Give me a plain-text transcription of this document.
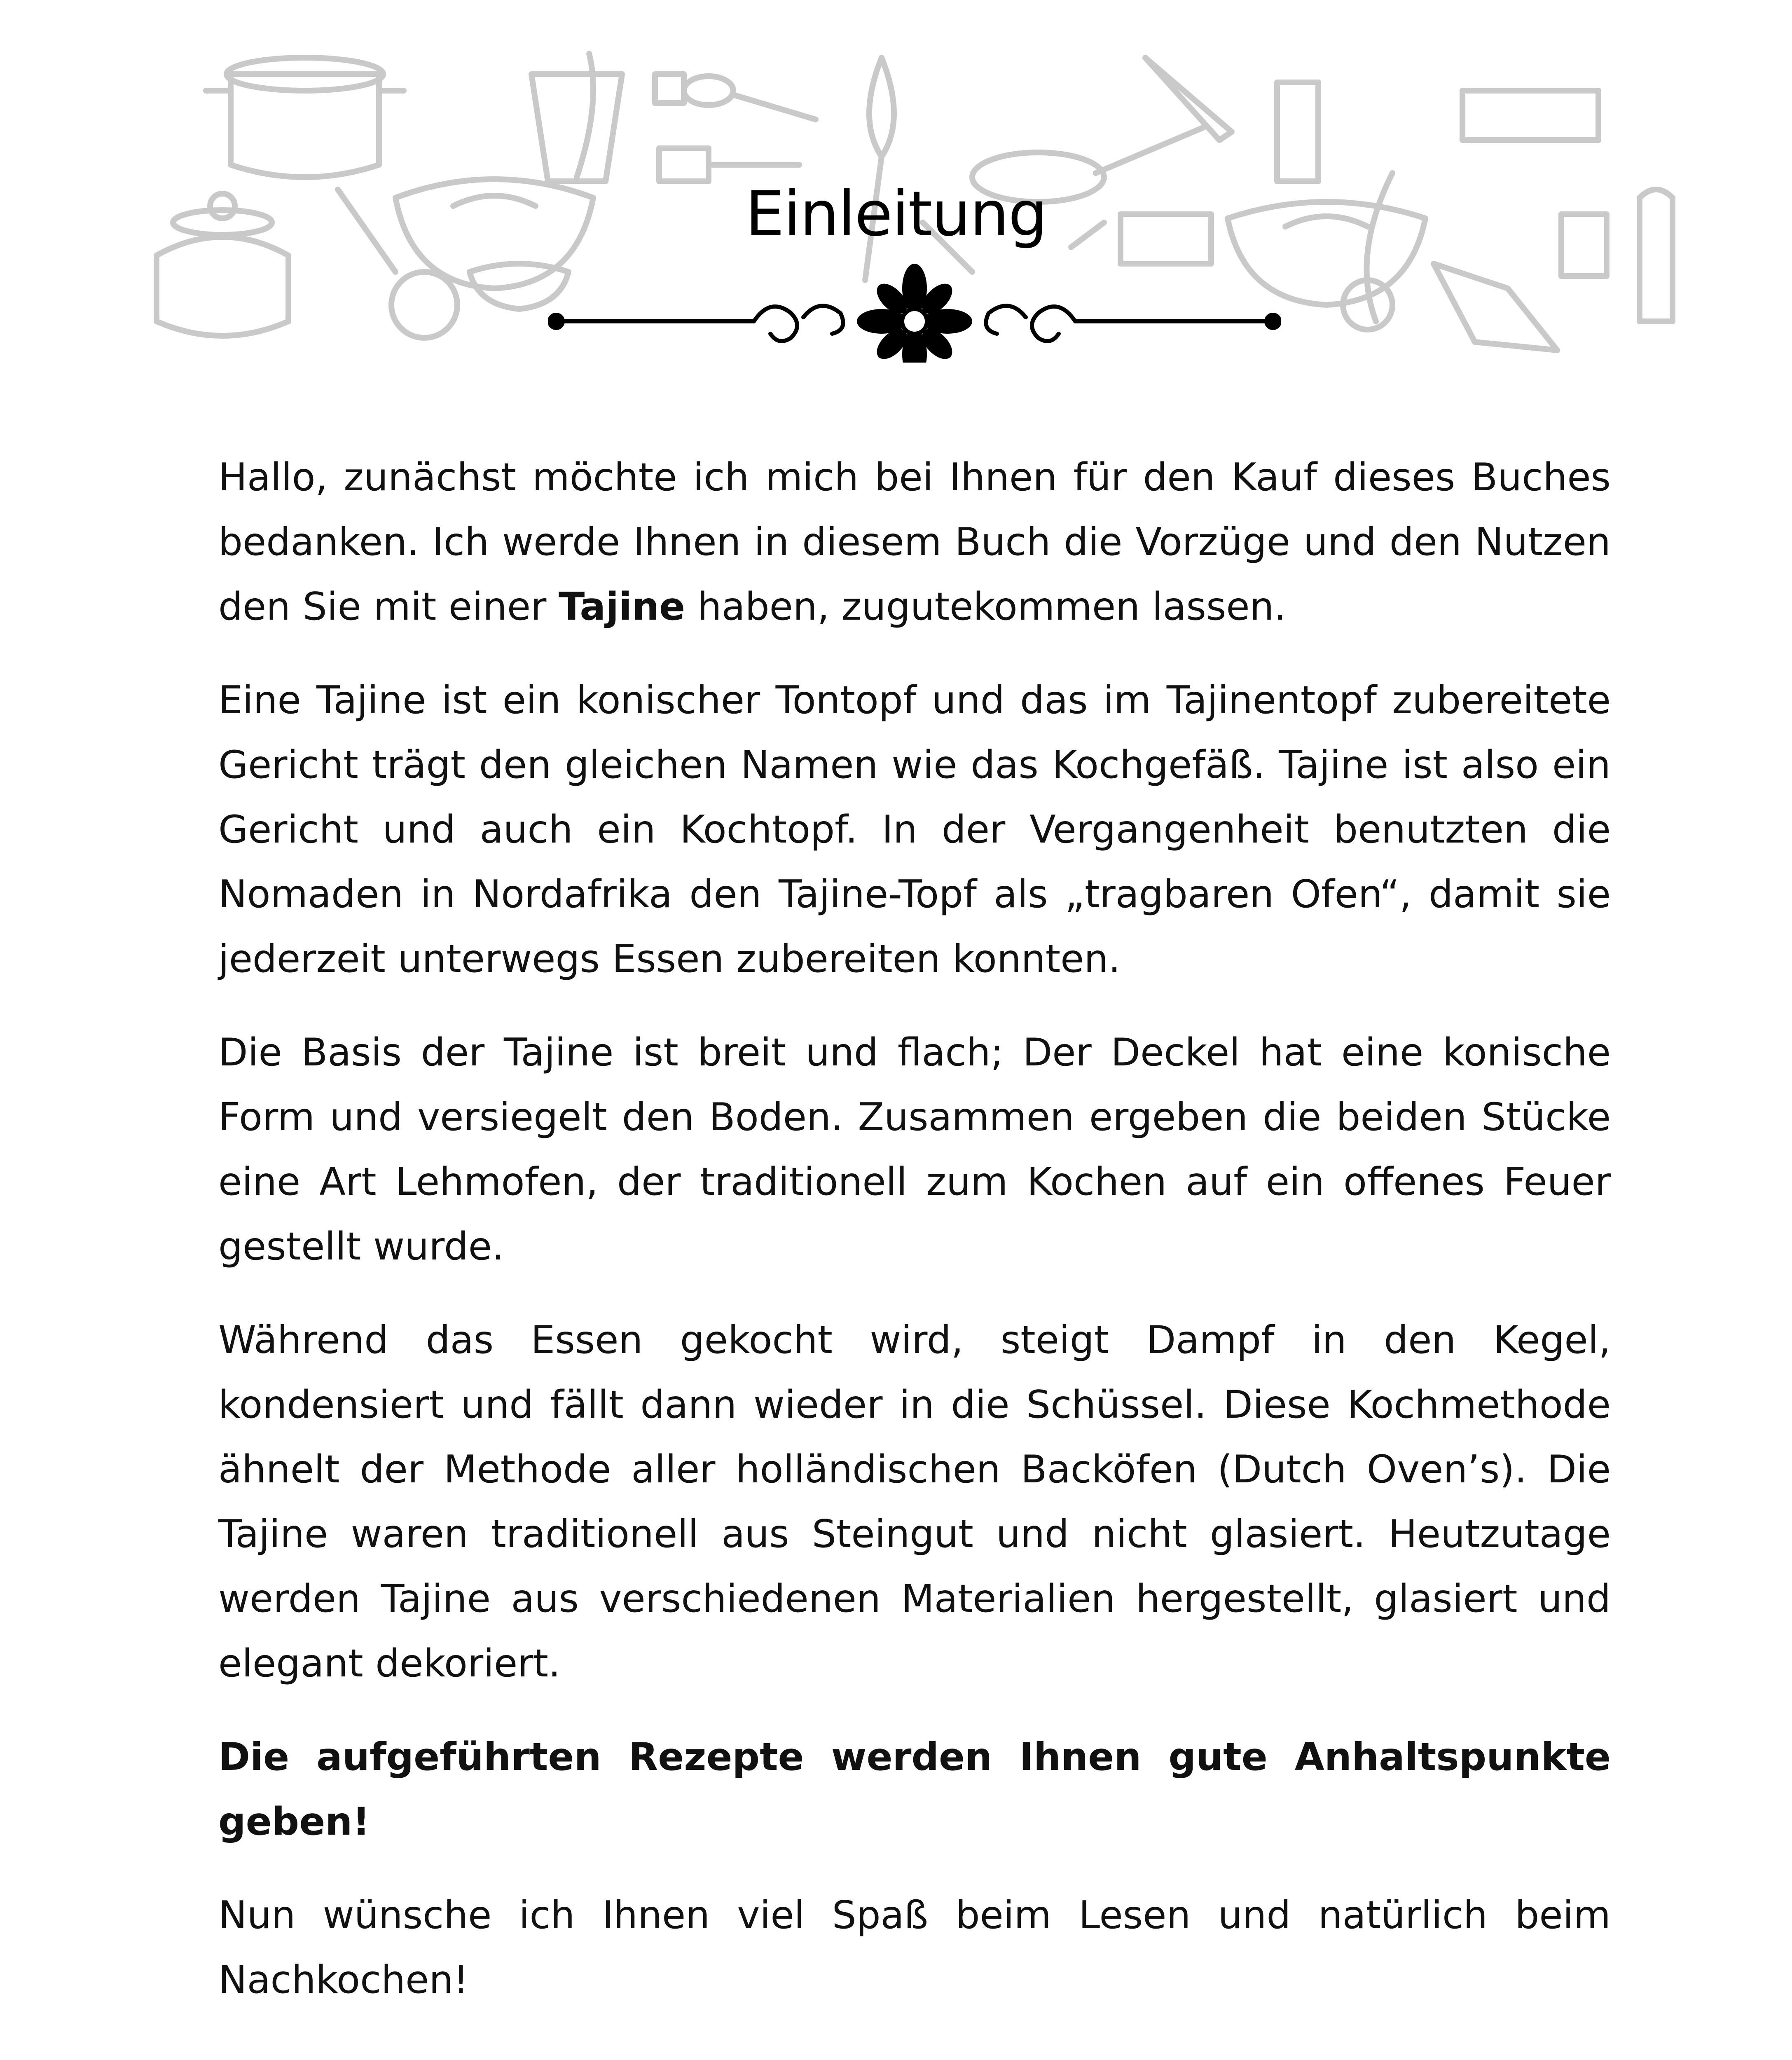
Einleitung

Hallo, zunächst möchte ich mich bei Ihnen für den Kauf dieses Buches bedanken. Ich werde Ihnen in diesem Buch die Vorzüge und den Nutzen den Sie mit einer Tajine haben, zugutekommen lassen.

Eine Tajine ist ein konischer Tontopf und das im Tajinentopf zubereitete Gericht trägt den gleichen Namen wie das Kochgefäß. Tajine ist also ein Gericht und auch ein Kochtopf. In der Vergangenheit benutzten die Nomaden in Nordafrika den Tajine-Topf als „tragbaren Ofen“, damit sie jederzeit unterwegs Essen zubereiten konnten.

Die Basis der Tajine ist breit und flach; Der Deckel hat eine konische Form und versiegelt den Boden. Zusammen ergeben die beiden Stücke eine Art Lehmofen, der traditionell zum Kochen auf ein offenes Feuer gestellt wurde.

Während das Essen gekocht wird, steigt Dampf in den Kegel, kondensiert und fällt dann wieder in die Schüssel. Diese Kochmethode ähnelt der Methode aller holländischen Backöfen (Dutch Oven’s). Die Tajine waren traditionell aus Steingut und nicht glasiert. Heutzutage werden Tajine aus verschiedenen Materialien hergestellt, glasiert und elegant dekoriert.

Die aufgeführten Rezepte werden Ihnen gute Anhaltspunkte geben!

Nun wünsche ich Ihnen viel Spaß beim Lesen und natürlich beim Nachkochen!
